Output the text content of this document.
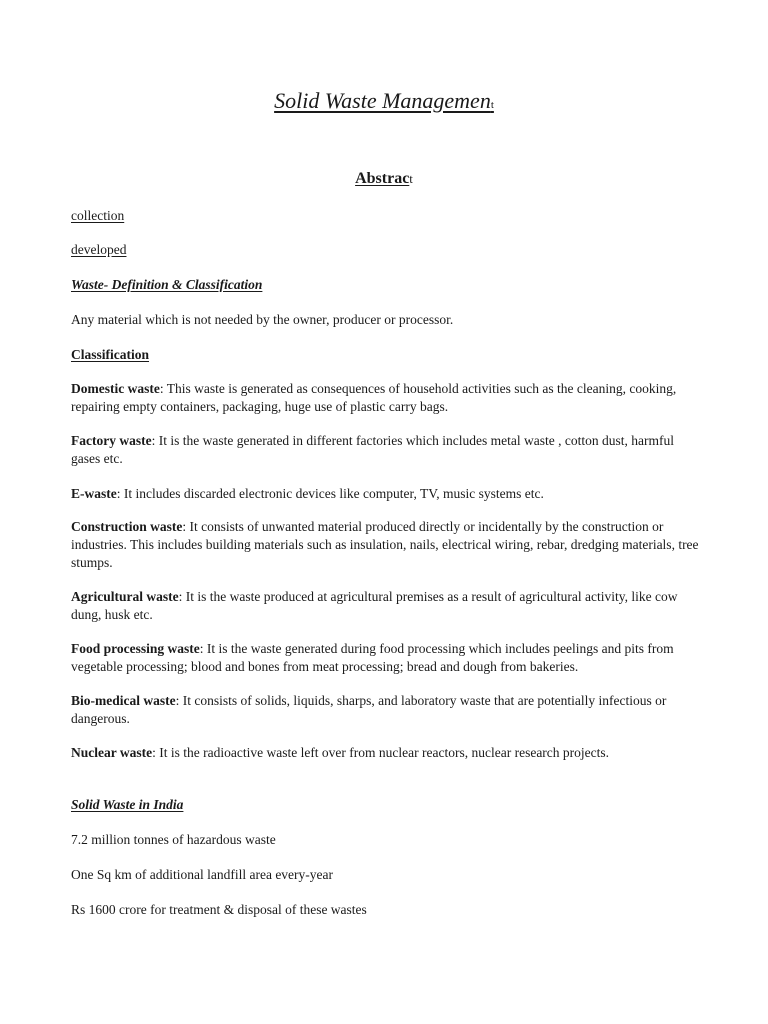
Solid Waste Management
Abstract
collection
developed
Waste- Definition & Classification
Any material which is not needed by the owner, producer or processor.
Classification
Domestic waste: This waste is generated as consequences of household activities such as the cleaning, cooking, repairing empty containers, packaging, huge use of plastic carry bags.
Factory waste: It is the waste generated in different factories which includes metal waste , cotton dust, harmful gases etc.
E-waste: It includes discarded electronic devices like computer, TV, music systems etc.
Construction waste: It consists of unwanted material produced directly or incidentally by the construction or industries. This includes building materials such as insulation, nails, electrical wiring, rebar, dredging materials, tree stumps.
Agricultural waste: It is the waste produced at agricultural premises as a result of agricultural activity, like cow dung, husk etc.
Food processing waste: It is the waste generated during food processing which includes peelings and pits from vegetable processing; blood and bones from meat processing; bread and dough from bakeries.
Bio-medical waste: It consists of solids, liquids, sharps, and laboratory waste that are potentially infectious or dangerous.
Nuclear waste: It is the radioactive waste left over from nuclear reactors, nuclear research projects.
Solid Waste in India
7.2 million tonnes of hazardous waste
One Sq km of additional landfill area every-year
Rs 1600 crore for treatment & disposal of these wastes
